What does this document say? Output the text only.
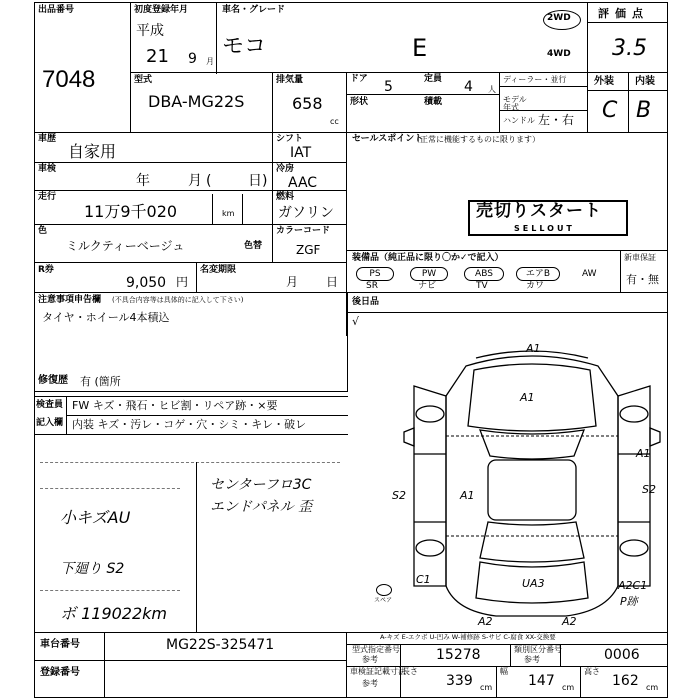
出品番号
7048
初度登録年月
平成
21 9 月
車名・グレード
モコ	E
2WD
4WD
評価点
3.5
外装 内装
C B
型式
DBA-MG22S
排気量
658
cc
ドア 5	定員 4 人
形状	積載
ディーラー・並行
モデル年式
ハンドル 左・右
車歴
自家用
シフト
IAT
車検
年	月 (	日)
冷房
AAC
走行
11万9千020	km
燃料
ガソリン
色
ミルクティーベージュ	色替
カラーコード
ZGF
R券
9,050 円
名変期限
月 日
セールスポイント
（正常に機能するものに限ります）
売切りスタート
SELLOUT
装備品（純正品に限り〇か✓で記入）
PS	PW	ABS	エアB	AW
SR	ナビ	TV	カワ
新車保証
有・無
後日品
√
注意事項申告欄 (不具合内容等は具体的に記入して下さい)
タイヤ・ホイール4本積込
修復歴 有 (箇所
検査員
記入欄
FW キズ・飛石・ヒビ割・リペア跡・×要
内装 キズ・汚レ・コゲ・穴・シミ・キレ・破レ
センターフロ3C
エンドパネル 歪
小キズAU
下廻り S2
ボ 119022km
スペア
A1
A1
A1
A1
S2	S2
C1	UA3
A2	A2
A2C1
P跡
A-キズ E-エクボ U-凹み W-補修跡 S-サビ C-腐食 XX-交換要
車台番号	MG22S-325471
登録番号
型式指定番号
参考	15278	類別区分番号
参考	0006
車検証記載寸法
参考
長さ
339 cm
幅
147 cm
高さ
162 cm
